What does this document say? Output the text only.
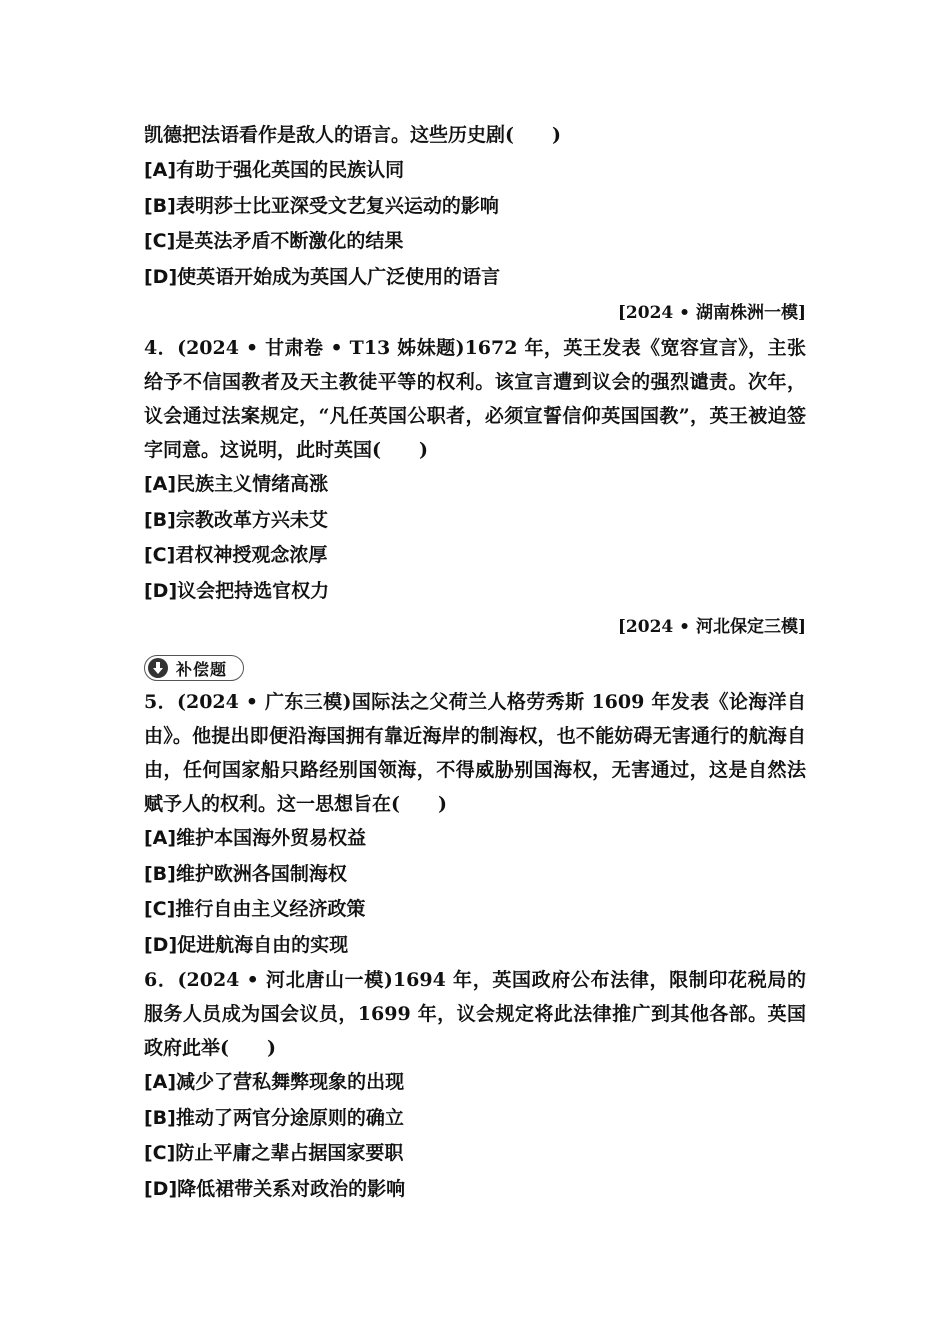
凯德把法语看作是敌人的语言。这些历史剧(　　)

[A]有助于强化英国的民族认同

[B]表明莎士比亚深受文艺复兴运动的影响

[C]是英法矛盾不断激化的结果

[D]使英语开始成为英国人广泛使用的语言

[2024 • 湖南株洲一模]

4．(2024 • 甘肃卷 • T13 姊妹题)1672 年，英王发表《宽容宣言》，主张给予不信国教者及天主教徒平等的权利。该宣言遭到议会的强烈谴责。次年，议会通过法案规定，“凡任英国公职者，必须宣誓信仰英国国教”，英王被迫签字同意。这说明，此时英国(　　)

[A]民族主义情绪高涨

[B]宗教改革方兴未艾

[C]君权神授观念浓厚

[D]议会把持选官权力

[2024 • 河北保定三模]

补偿题

5．(2024 • 广东三模)国际法之父荷兰人格劳秀斯 1609 年发表《论海洋自由》。他提出即便沿海国拥有靠近海岸的制海权，也不能妨碍无害通行的航海自由，任何国家船只路经别国领海，不得威胁别国海权，无害通过，这是自然法赋予人的权利。这一思想旨在(　　)

[A]维护本国海外贸易权益

[B]维护欧洲各国制海权

[C]推行自由主义经济政策

[D]促进航海自由的实现

6．(2024 • 河北唐山一模)1694 年，英国政府公布法律，限制印花税局的服务人员成为国会议员，1699 年，议会规定将此法律推广到其他各部。英国政府此举(　　)

[A]减少了营私舞弊现象的出现

[B]推动了两官分途原则的确立

[C]防止平庸之辈占据国家要职

[D]降低裙带关系对政治的影响
